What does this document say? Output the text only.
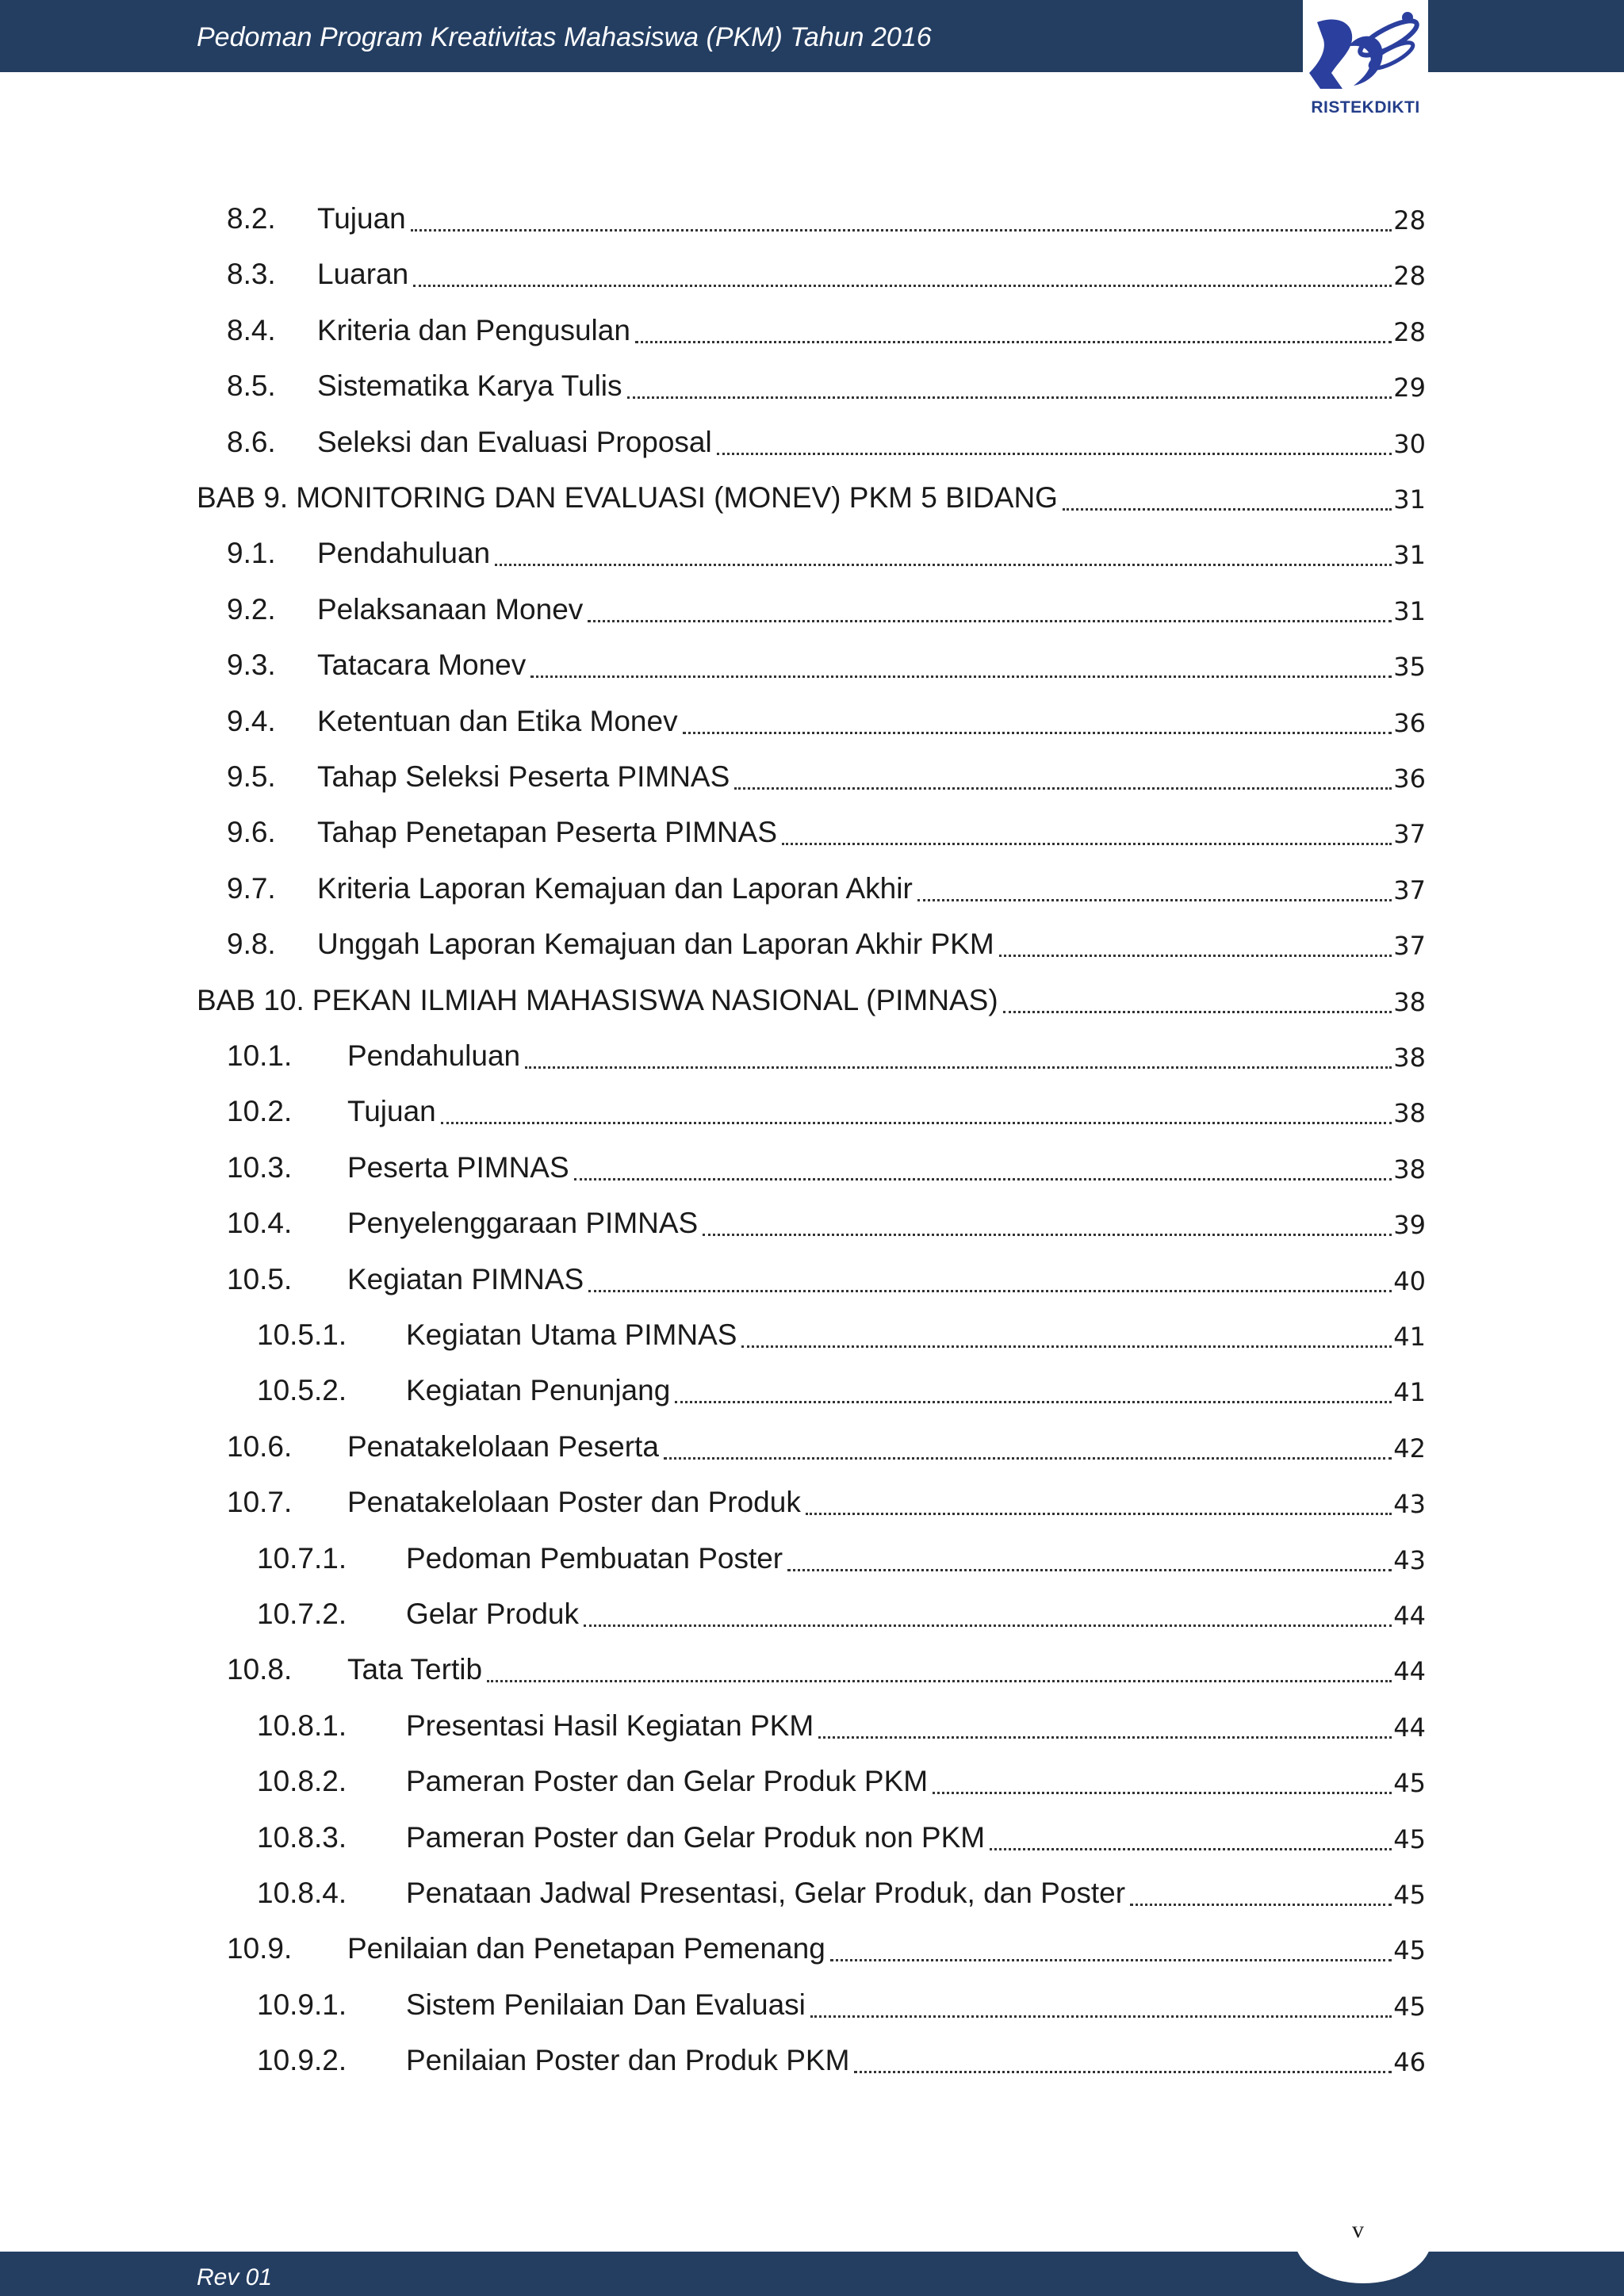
Pedoman Program Kreativitas Mahasiswa (PKM) Tahun 2016
RISTEKDIKTI
8.2.	Tujuan	28
8.3.	Luaran	28
8.4.	Kriteria dan Pengusulan	28
8.5.	Sistematika Karya Tulis	29
8.6.	Seleksi dan Evaluasi Proposal	30
BAB 9. MONITORING DAN EVALUASI (MONEV) PKM 5 BIDANG	31
9.1.	Pendahuluan	31
9.2.	Pelaksanaan Monev	31
9.3.	Tatacara Monev	35
9.4.	Ketentuan dan Etika Monev	36
9.5.	Tahap Seleksi Peserta PIMNAS	36
9.6.	Tahap Penetapan Peserta PIMNAS	37
9.7.	Kriteria Laporan Kemajuan dan Laporan Akhir	37
9.8.	Unggah Laporan Kemajuan dan Laporan Akhir PKM	37
BAB 10. PEKAN ILMIAH MAHASISWA NASIONAL (PIMNAS)	38
10.1.	Pendahuluan	38
10.2.	Tujuan	38
10.3.	Peserta PIMNAS	38
10.4.	Penyelenggaraan PIMNAS	39
10.5.	Kegiatan PIMNAS	40
10.5.1.	Kegiatan Utama PIMNAS	41
10.5.2.	Kegiatan Penunjang	41
10.6.	Penatakelolaan Peserta	42
10.7.	Penatakelolaan Poster dan Produk	43
10.7.1.	Pedoman Pembuatan Poster	43
10.7.2.	Gelar Produk	44
10.8.	Tata Tertib	44
10.8.1.	Presentasi Hasil Kegiatan PKM	44
10.8.2.	Pameran Poster dan Gelar Produk PKM	45
10.8.3.	Pameran Poster dan Gelar Produk non PKM	45
10.8.4.	Penataan Jadwal Presentasi, Gelar Produk, dan Poster	45
10.9.	Penilaian dan Penetapan Pemenang	45
10.9.1.	Sistem Penilaian Dan Evaluasi	45
10.9.2.	Penilaian Poster dan Produk PKM	46
Rev 01
v
